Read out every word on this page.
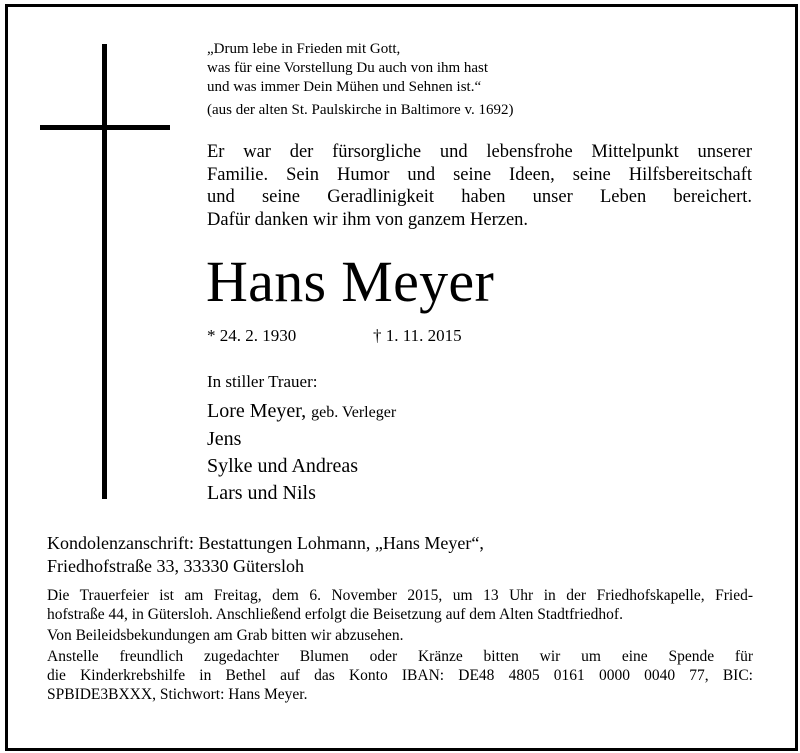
„Drum lebe in Frieden mit Gott,
was für eine Vorstellung Du auch von ihm hast
und was immer Dein Mühen und Sehnen ist.“
(aus der alten St. Paulskirche in Baltimore v. 1692)
Er war der fürsorgliche und lebensfrohe Mittelpunkt unserer
Familie. Sein Humor und seine Ideen, seine Hilfsbereitschaft
und seine Geradlinigkeit haben unser Leben bereichert.
Dafür danken wir ihm von ganzem Herzen.
Hans Meyer
* 24. 2. 1930	† 1. 11. 2015
In stiller Trauer:
Lore Meyer, geb. Verleger
Jens
Sylke und Andreas
Lars und Nils
Kondolenzanschrift: Bestattungen Lohmann, „Hans Meyer“,
Friedhofstraße 33, 33330 Gütersloh
Die Trauerfeier ist am Freitag, dem 6. November 2015, um 13 Uhr in der Friedhofskapelle, Fried-
hofstraße 44, in Gütersloh. Anschließend erfolgt die Beisetzung auf dem Alten Stadtfriedhof.
Von Beileidsbekundungen am Grab bitten wir abzusehen.
Anstelle freundlich zugedachter Blumen oder Kränze bitten wir um eine Spende für
die Kinderkrebshilfe in Bethel auf das Konto IBAN: DE48 4805 0161 0000 0040 77, BIC:
SPBIDE3BXXX, Stichwort: Hans Meyer.
